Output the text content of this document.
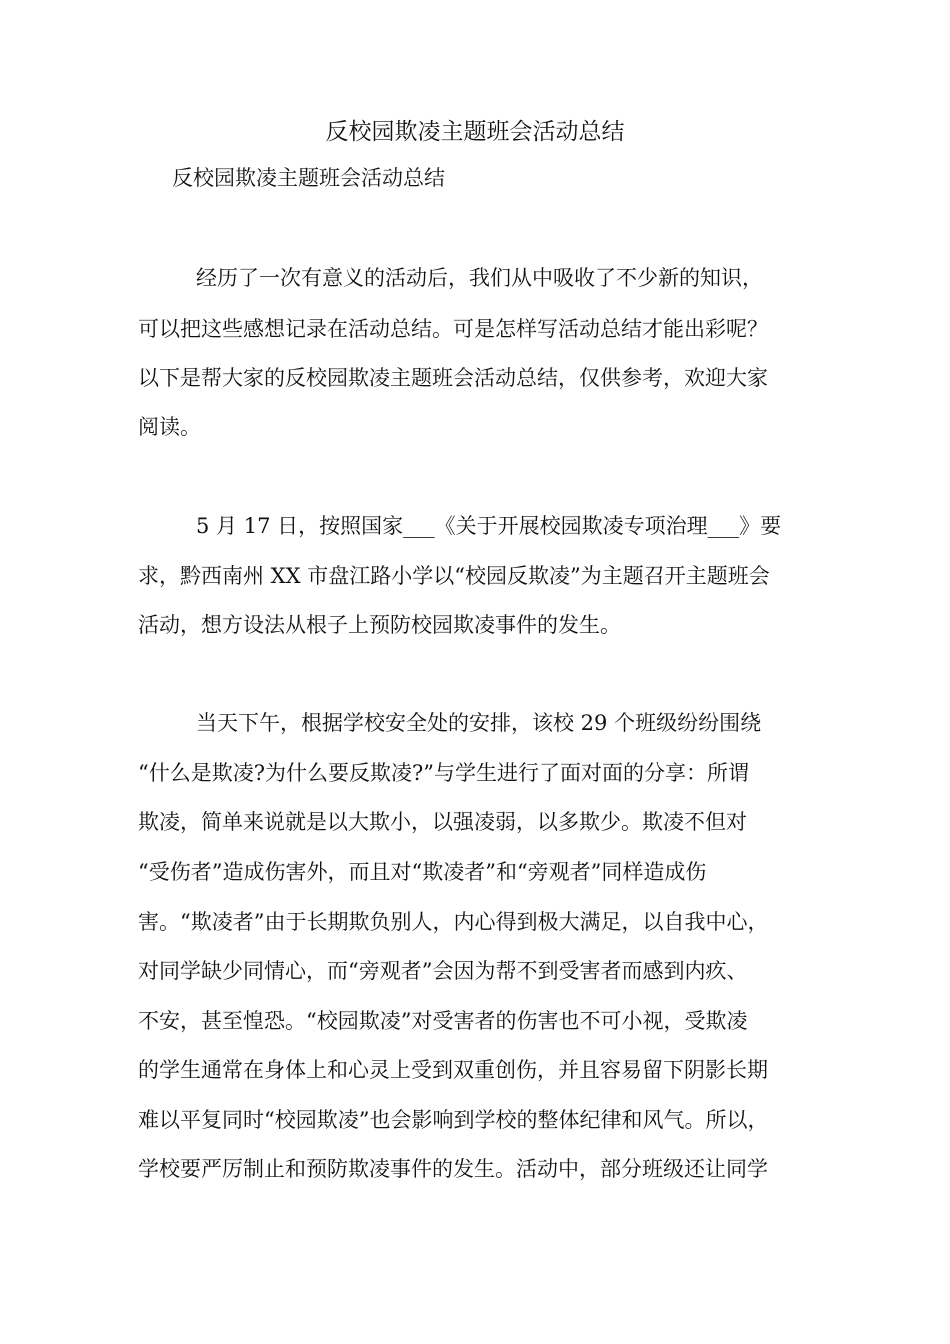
反校园欺凌主题班会活动总结
反校园欺凌主题班会活动总结
经历了一次有意义的活动后，我们从中吸收了不少新的知识，
可以把这些感想记录在活动总结。可是怎样写活动总结才能出彩呢？
以下是帮大家的反校园欺凌主题班会活动总结，仅供参考，欢迎大家
阅读。
5 月 17 日，按照国家___《关于开展校园欺凌专项治理___》要
求，黔西南州 XX 市盘江路小学以“校园反欺凌”为主题召开主题班会
活动，想方设法从根子上预防校园欺凌事件的发生。
当天下午，根据学校安全处的安排，该校 29 个班级纷纷围绕
“什么是欺凌?为什么要反欺凌?”与学生进行了面对面的分享：所谓
欺凌，简单来说就是以大欺小，以强凌弱，以多欺少。欺凌不但对
“受伤者”造成伤害外，而且对“欺凌者”和“旁观者”同样造成伤
害。“欺凌者”由于长期欺负别人，内心得到极大满足，以自我中心，
对同学缺少同情心，而“旁观者”会因为帮不到受害者而感到内疚、
不安，甚至惶恐。“校园欺凌”对受害者的伤害也不可小视，受欺凌
的学生通常在身体上和心灵上受到双重创伤，并且容易留下阴影长期
难以平复同时“校园欺凌”也会影响到学校的整体纪律和风气。所以，
学校要严厉制止和预防欺凌事件的发生。活动中，部分班级还让同学
